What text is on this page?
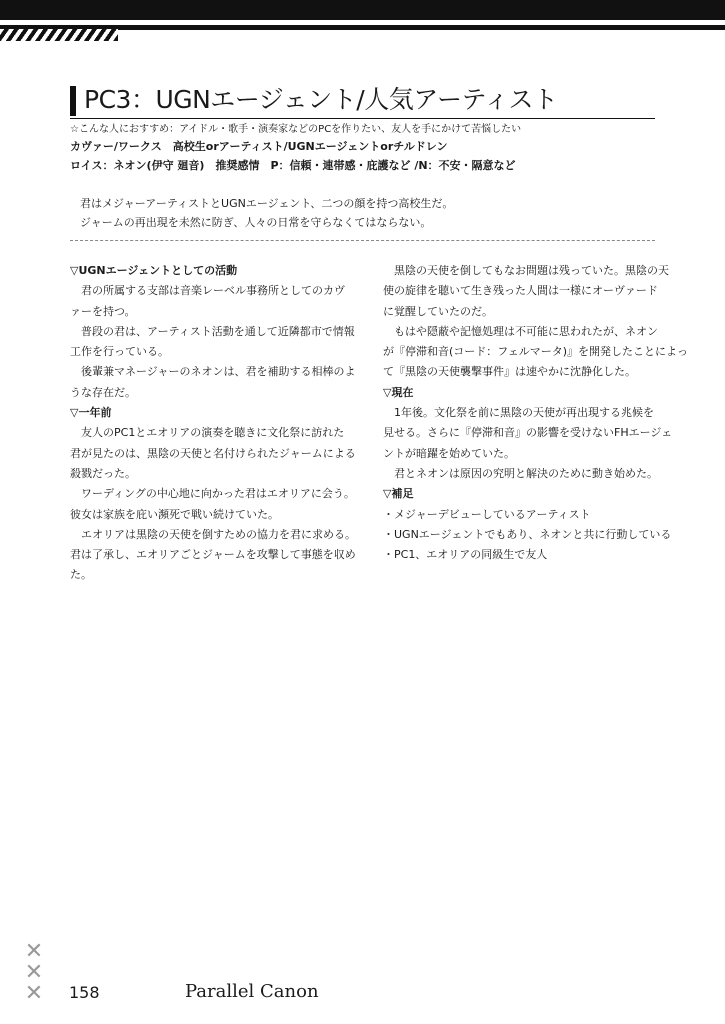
PC3：UGNエージェント/人気アーティスト
☆こんな人におすすめ：アイドル・歌手・演奏家などのPCを作りたい、友人を手にかけて苦悩したい
カヴァー/ワークス　高校生orアーティスト/UGNエージェントorチルドレン
ロイス：ネオン(伊守 廻音)　推奨感情　P：信頼・連帯感・庇護など /N：不安・隔意など
君はメジャーアーティストとUGNエージェント、二つの顔を持つ高校生だ。
ジャームの再出現を未然に防ぎ、人々の日常を守らなくてはならない。
▽UGNエージェントとしての活動
　君の所属する支部は音楽レーベル事務所としてのカヴ
ァーを持つ。
　普段の君は、アーティスト活動を通して近隣都市で情報
工作を行っている。
　後輩兼マネージャーのネオンは、君を補助する相棒のよ
うな存在だ。
▽一年前
　友人のPC1とエオリアの演奏を聴きに文化祭に訪れた
君が見たのは、黒陰の天使と名付けられたジャームによる
殺戮だった。
　ワーディングの中心地に向かった君はエオリアに会う。
彼女は家族を庇い瀕死で戦い続けていた。
　エオリアは黒陰の天使を倒すための協力を君に求める。
君は了承し、エオリアごとジャームを攻撃して事態を収め
た。
　黒陰の天使を倒してもなお問題は残っていた。黒陰の天
使の旋律を聴いて生き残った人間は一様にオーヴァード
に覚醒していたのだ。
　もはや隠蔽や記憶処理は不可能に思われたが、ネオン
が『停滞和音(コード：フェルマータ)』を開発したことによっ
て『黒陰の天使襲撃事件』は速やかに沈静化した。
▽現在
　1年後。文化祭を前に黒陰の天使が再出現する兆候を
見せる。さらに『停滞和音』の影響を受けないFHエージェ
ントが暗躍を始めていた。
　君とネオンは原因の究明と解決のために動き始めた。
▽補足
・メジャーデビューしているアーティスト
・UGNエージェントでもあり、ネオンと共に行動している
・PC1、エオリアの同級生で友人
✕
✕
✕ 158	Parallel Canon
